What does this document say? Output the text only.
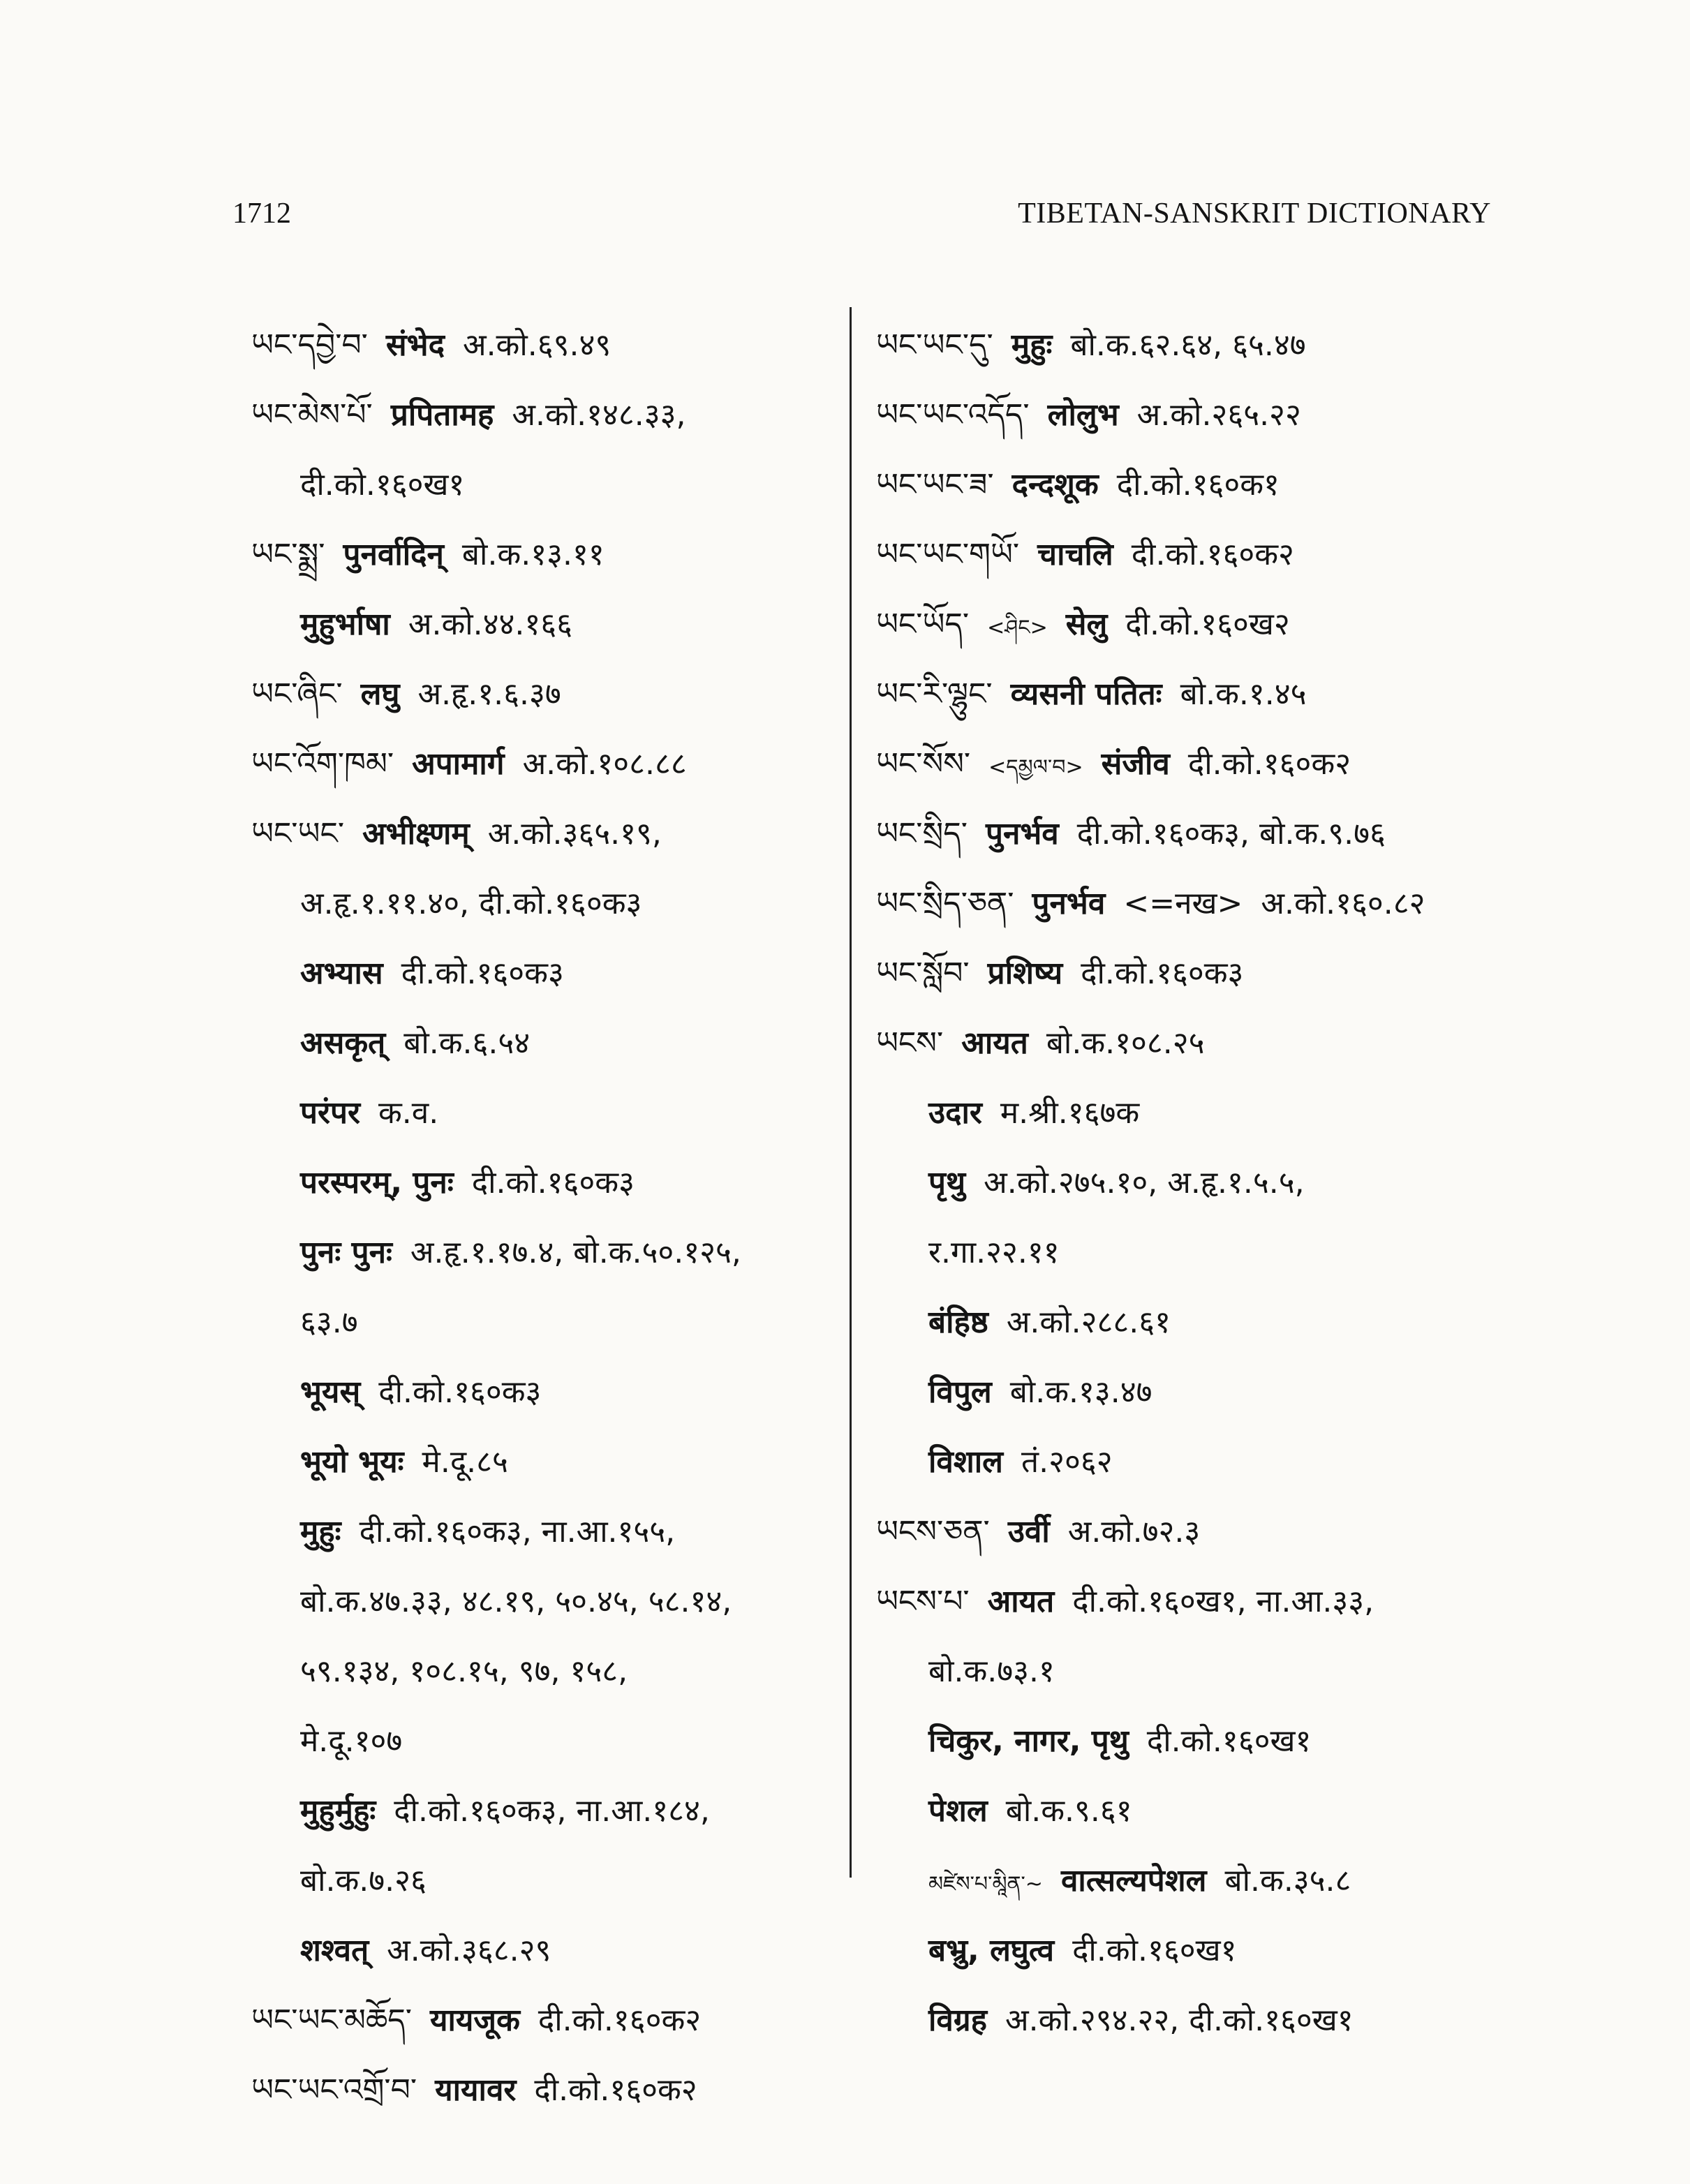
1712	TIBETAN-SANSKRIT DICTIONARY
ཡང་དབྱེ་བ་ संभेद अ.को.६९.४९
ཡང་མེས་པོ་ प्रपितामह अ.को.१४८.३३,
दी.को.१६०ख१
ཡང་སྨྲ་ पुनर्वादिन् बो.क.१३.११
मुहुर्भाषा अ.को.४४.१६६
ཡང་ཞིང་ लघु अ.हृ.१.६.३७
ཡང་འོག་ཁམ་ अपामार्ग अ.को.१०८.८८
ཡང་ཡང་ अभीक्ष्णम् अ.को.३६५.१९,
अ.हृ.१.११.४०, दी.को.१६०क३
अभ्यास दी.को.१६०क३
असकृत् बो.क.६.५४
परंपर क.व.
परस्परम्, पुनः दी.को.१६०क३
पुनः पुनः अ.हृ.१.१७.४, बो.क.५०.१२५,
६३.७
भूयस् दी.को.१६०क३
भूयो भूयः मे.दू.८५
मुहुः दी.को.१६०क३, ना.आ.१५५,
बो.क.४७.३३, ४८.१९, ५०.४५, ५८.१४,
५९.१३४, १०८.१५, ९७, १५८,
मे.दू.१०७
मुहुर्मुहुः दी.को.१६०क३, ना.आ.१८४,
बो.क.७.२६
शश्वत् अ.को.३६८.२९
ཡང་ཡང་མཆོད་ यायजूक दी.को.१६०क२
ཡང་ཡང་འགྲོ་བ་ यायावर दी.को.१६०क२
ཡང་ཡང་དུ་ मुहुः बो.क.६२.६४, ६५.४७
ཡང་ཡང་འདོད་ लोलुभ अ.को.२६५.२२
ཡང་ཡང་ཟ་ दन्दशूक दी.को.१६०क१
ཡང་ཡང་གཡོ་ चाचलि दी.को.१६०क२
ཡང་ཡོད་ <ཤིང> सेलु दी.को.१६०ख२
ཡང་རི་ལྷུང་ व्यसनी पतितः बो.क.१.४५
ཡང་སོས་ <དམྱལ་བ> संजीव दी.को.१६०क२
ཡང་སྲིད་ पुनर्भव दी.को.१६०क३, बो.क.९.७६
ཡང་སྲིད་ཅན་ पुनर्भव <=नख> अ.को.१६०.८२
ཡང་སློབ་ प्रशिष्य दी.को.१६०क३
ཡངས་ आयत बो.क.१०८.२५
उदार म.श्री.१६७क
पृथु अ.को.२७५.१०, अ.हृ.१.५.५,
र.गा.२२.११
बंहिष्ठ अ.को.२८८.६१
विपुल बो.क.१३.४७
विशाल तं.२०६२
ཡངས་ཅན་ उर्वी अ.को.७२.३
ཡངས་པ་ आयत दी.को.१६०ख१, ना.आ.३३,
बो.क.७३.१
चिकुर, नागर, पृथु दी.को.१६०ख१
पेशल बो.क.९.६१
མཛེས་པ་མཱིན་~ वात्सल्यपेशल बो.क.३५.८
बभ्रु, लघुत्व दी.को.१६०ख१
विग्रह अ.को.२९४.२२, दी.को.१६०ख१
